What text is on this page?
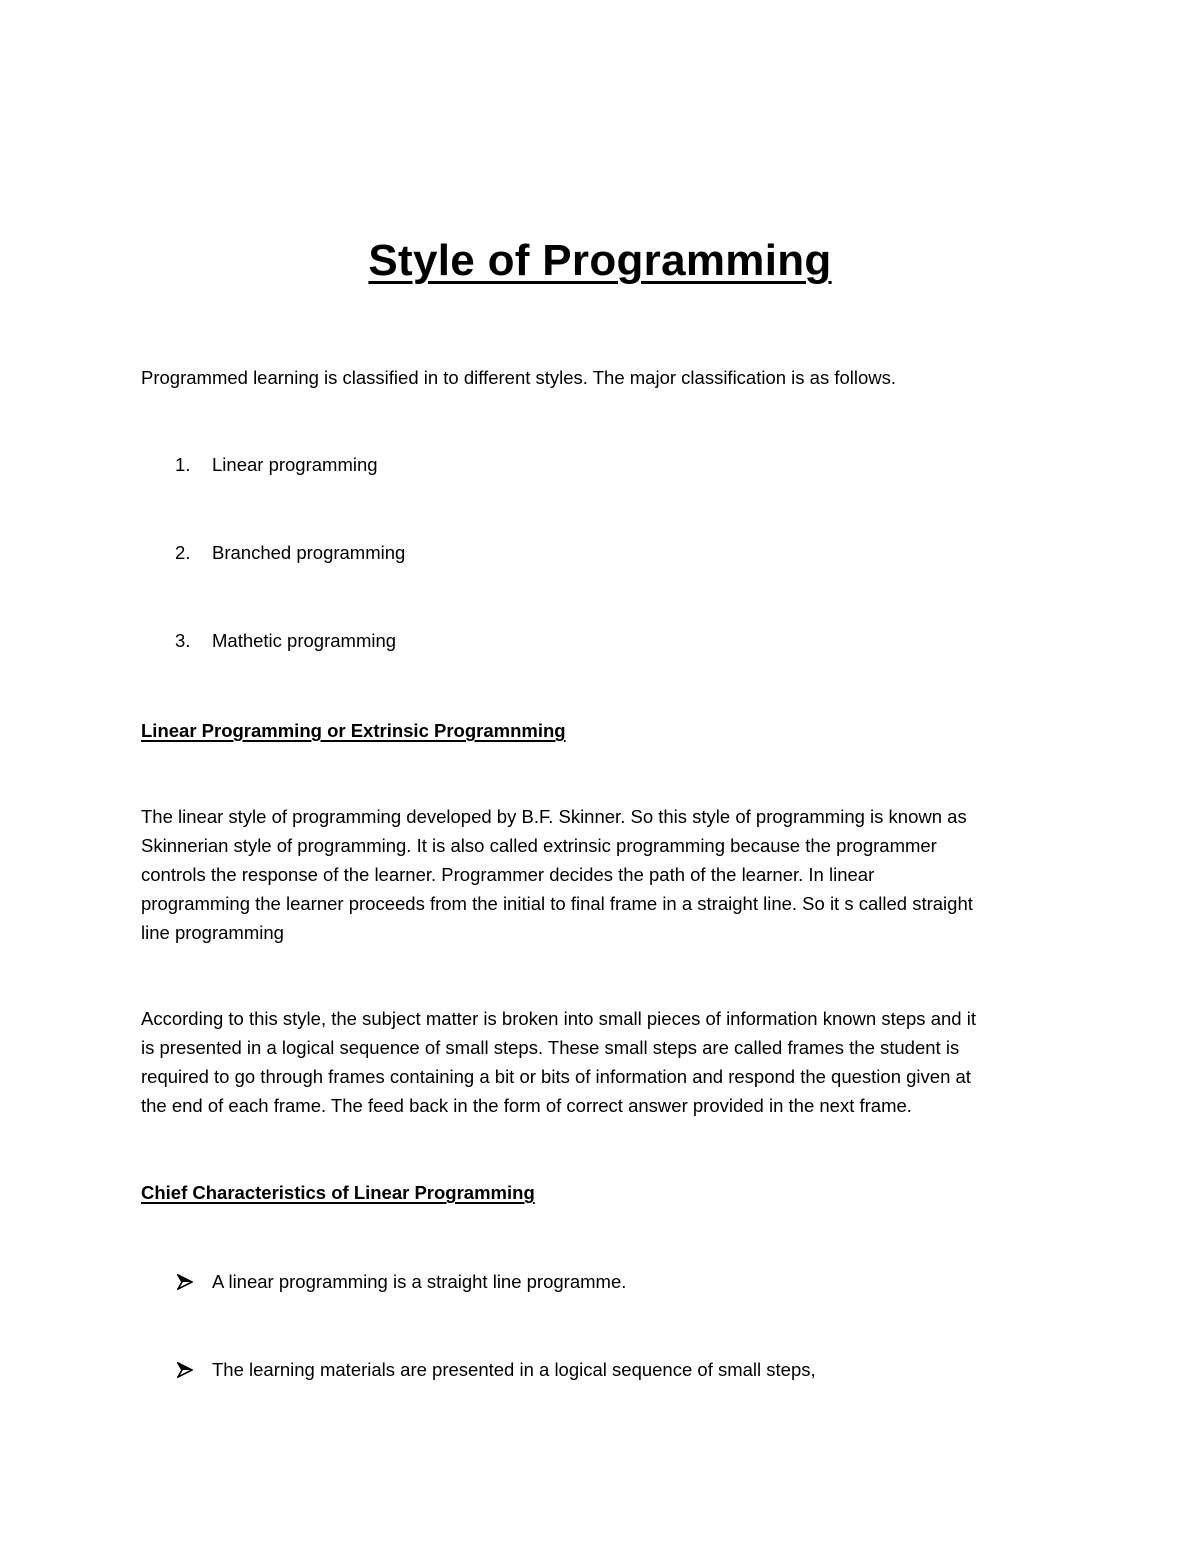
Style of Programming
Programmed learning is classified in to different styles. The major classification is as follows.
1. Linear programming
2. Branched programming
3. Mathetic programming
Linear Programming or Extrinsic Programnming
The linear style of programming developed by B.F. Skinner. So this style of programming is known as
Skinnerian style of programming. It is also called extrinsic programming because the programmer
controls the response of the learner. Programmer decides the path of the learner. In linear
programming the learner proceeds from the initial to final frame in a straight line. So it s called straight
line programming
According to this style, the subject matter is broken into small pieces of information known steps and it
is presented in a logical sequence of small steps. These small steps are called frames the student is
required to go through frames containing a bit or bits of information and respond the question given at
the end of each frame. The feed back in the form of correct answer provided in the next frame.
Chief Characteristics of Linear Programming
A linear programming is a straight line programme.
The learning materials are presented in a logical sequence of small steps,
